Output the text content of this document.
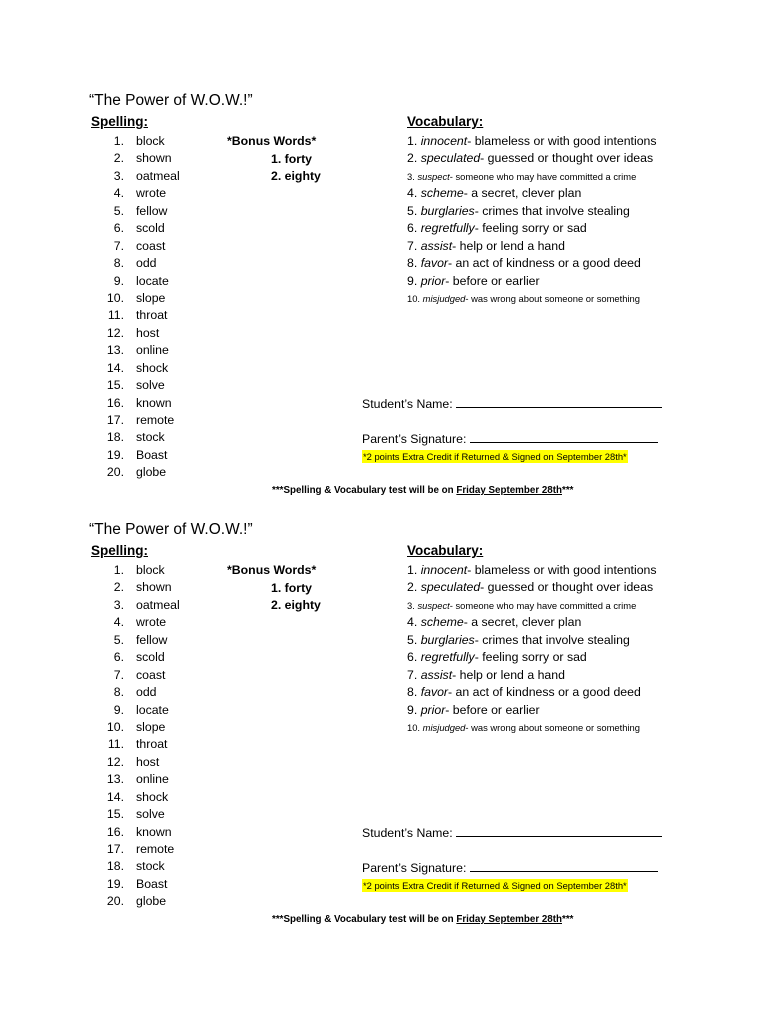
“The Power of W.O.W.!”
Spelling:	Vocabulary:
1. block
2. shown
3. oatmeal
4. wrote
5. fellow
6. scold
7. coast
8. odd
9. locate
10. slope
11. throat
12. host
13. online
14. shock
15. solve
16. known
17. remote
18. stock
19. Boast
20. globe
*Bonus Words*
1. forty
2. eighty
1. innocent- blameless or with good intentions
2. speculated- guessed or thought over ideas
3. suspect- someone who may have committed a crime
4. scheme- a secret, clever plan
5. burglaries- crimes that involve stealing
6. regretfully- feeling sorry or sad
7. assist- help or lend a hand
8. favor- an act of kindness or a good deed
9. prior- before or earlier
10. misjudged- was wrong about someone or something
Student’s Name:
Parent’s Signature:
*2 points Extra Credit if Returned & Signed on September 28th*
***Spelling & Vocabulary test will be on Friday September 28th***
“The Power of W.O.W.!”
Spelling:	Vocabulary:
1. block
2. shown
3. oatmeal
4. wrote
5. fellow
6. scold
7. coast
8. odd
9. locate
10. slope
11. throat
12. host
13. online
14. shock
15. solve
16. known
17. remote
18. stock
19. Boast
20. globe
*Bonus Words*
1. forty
2. eighty
1. innocent- blameless or with good intentions
2. speculated- guessed or thought over ideas
3. suspect- someone who may have committed a crime
4. scheme- a secret, clever plan
5. burglaries- crimes that involve stealing
6. regretfully- feeling sorry or sad
7. assist- help or lend a hand
8. favor- an act of kindness or a good deed
9. prior- before or earlier
10. misjudged- was wrong about someone or something
Student’s Name:
Parent’s Signature:
*2 points Extra Credit if Returned & Signed on September 28th*
***Spelling & Vocabulary test will be on Friday September 28th***
